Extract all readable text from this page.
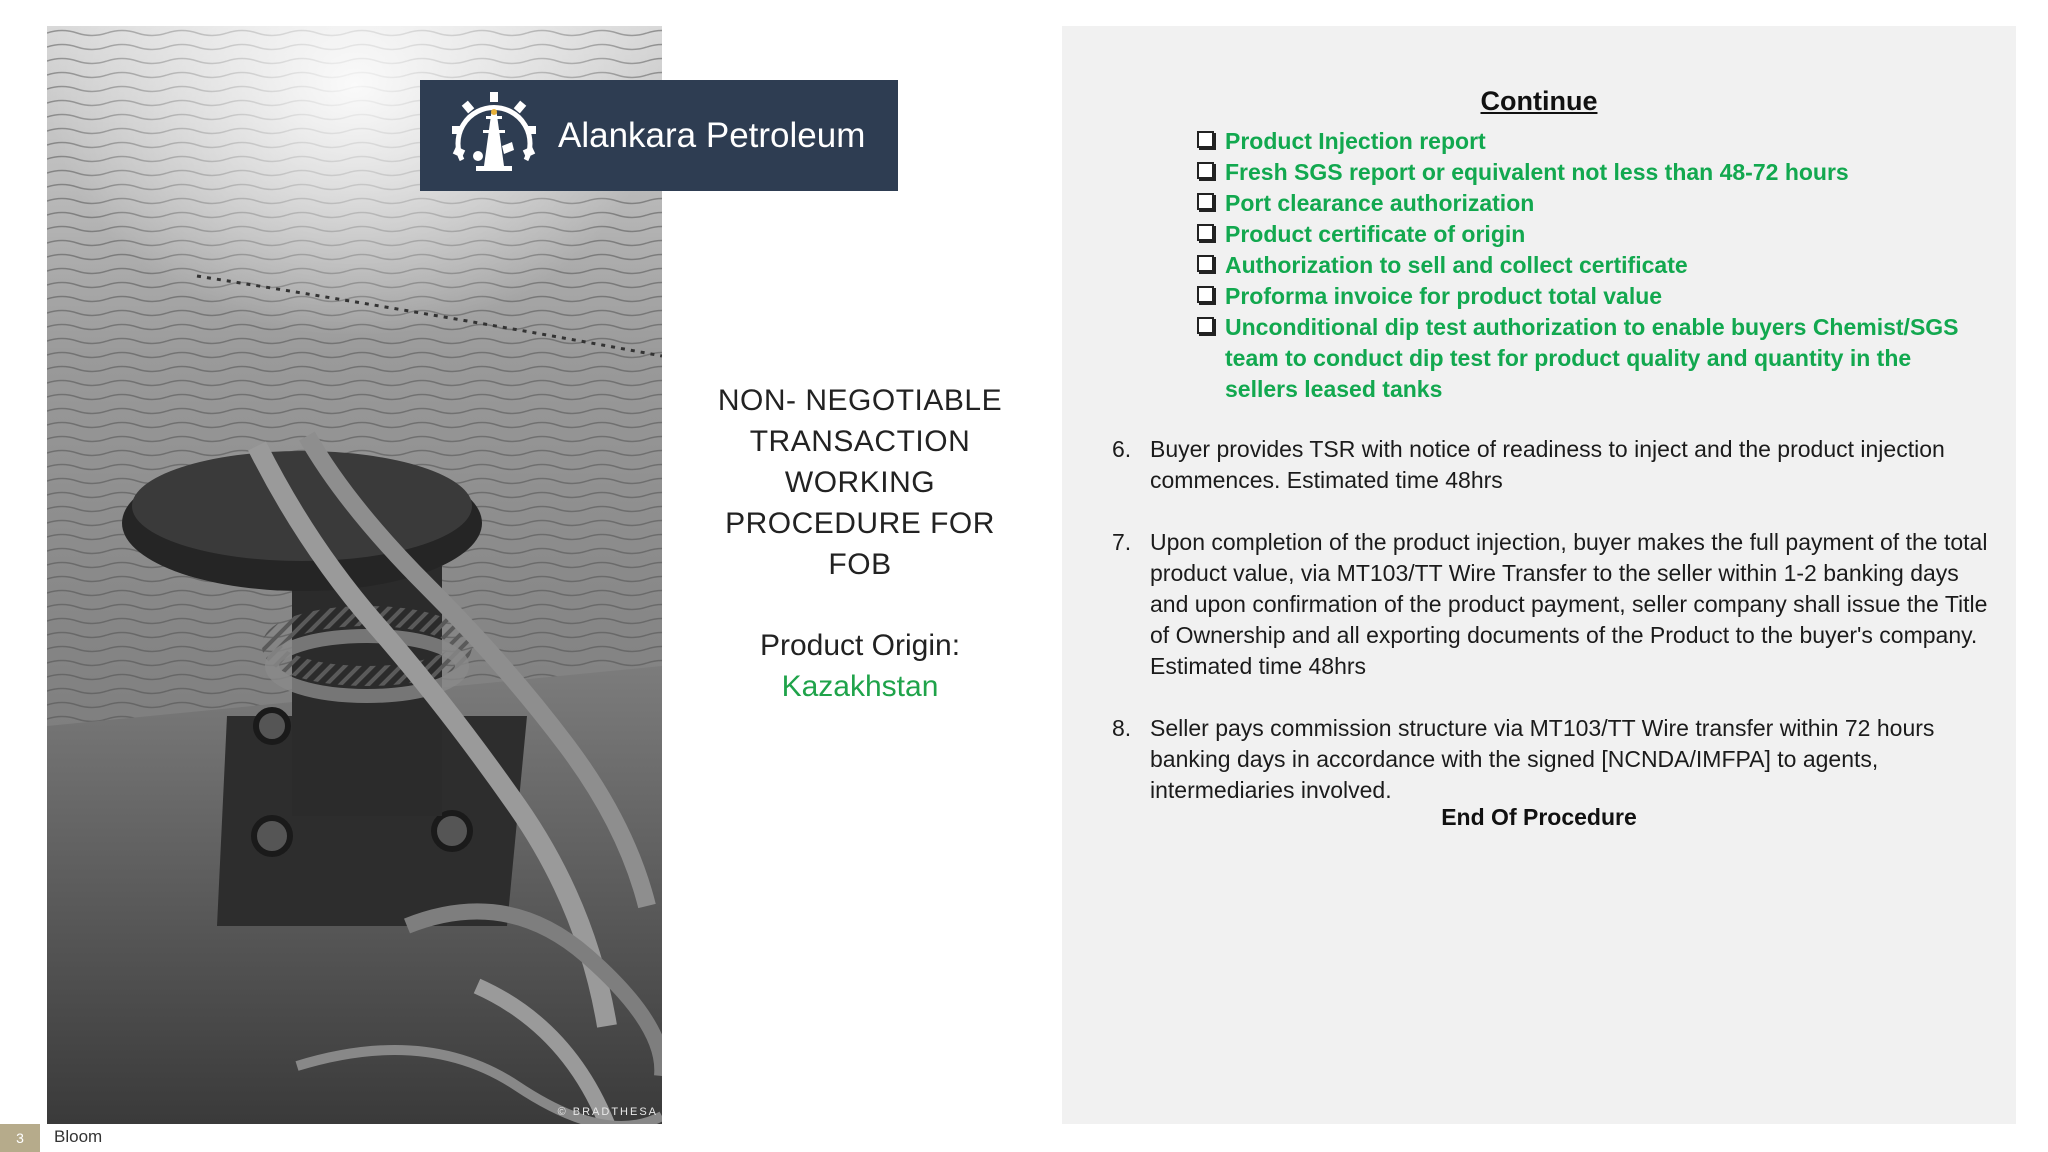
© BRADTHESA
Alankara Petroleum
NON- NEGOTIABLE
TRANSACTION
WORKING
PROCEDURE FOR
FOB
Product Origin:
Kazakhstan
Continue
Product Injection report
Fresh SGS report or equivalent not less than 48-72 hours
Port clearance authorization
Product certificate of origin
Authorization to sell and collect certificate
Proforma invoice for product total value
Unconditional dip test authorization to enable buyers Chemist/SGS team to conduct dip test for product quality and quantity in the sellers leased tanks
6. Buyer provides TSR with notice of readiness to inject and the product injection commences. Estimated time 48hrs
7. Upon completion of the product injection, buyer makes the full payment of the total product value, via MT103/TT Wire Transfer to the seller within 1-2 banking days and upon confirmation of the product payment, seller company shall issue the Title of Ownership and all exporting documents of the Product to the buyer's company. Estimated time 48hrs
8. Seller pays commission structure via MT103/TT Wire transfer within 72 hours banking days in accordance with the signed [NCNDA/IMFPA] to agents, intermediaries involved.
End Of Procedure
3	Bloom
